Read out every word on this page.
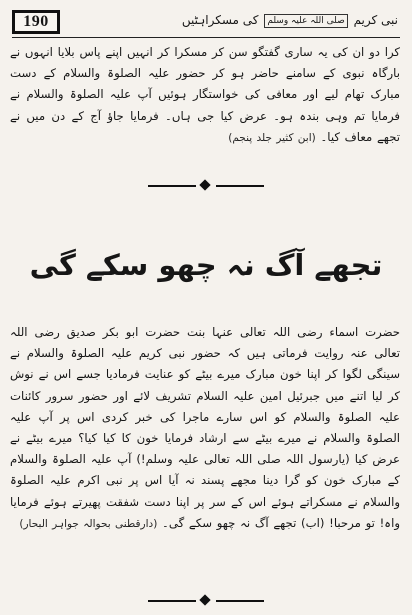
190	نبی کریم صلی اللہ علیہ وسلم کی مسکراہٹیں

کرا دو ان کی یہ ساری گفتگو سن کر مسکرا کر انہیں اپنے پاس بلایا انہوں نے بارگاہ نبوی کے سامنے حاضر ہو کر حضور علیہ الصلوۃ والسلام کے دست مبارک تھام لیے اور معافی کی خواستگار ہوئیں آپ علیہ الصلوۃ والسلام نے فرمایا تم وہی بندہ ہو۔ عرض کیا جی ہاں۔ فرمایا جاؤ آج کے دن میں نے تجھے معاف کیا۔ (ابن کثیر جلد پنجم)

تجھے آگ نہ چھو سکے گی

حضرت اسماء رضی اللہ تعالی عنہا بنت حضرت ابو بکر صدیق رضی اللہ تعالی عنہ روایت فرماتی ہیں کہ حضور نبی کریم علیہ الصلوۃ والسلام نے سینگی لگوا کر اپنا خون مبارک میرے بیٹے کو عنایت فرمادیا جسے اس نے نوش کر لیا اتنے میں جبرئیل امین علیہ السلام تشریف لائے اور حضور سرور کائنات علیہ الصلوۃ والسلام کو اس سارے ماجرا کی خبر کردی اس پر آپ علیہ الصلوۃ والسلام نے میرے بیٹے سے ارشاد فرمایا خون کا کیا کیا؟ میرے بیٹے نے عرض کیا (یارسول اللہ صلی اللہ تعالی علیہ وسلم!) آپ علیہ الصلوۃ والسلام کے مبارک خون کو گرا دینا مجھے پسند نہ آیا اس پر نبی اکرم علیہ الصلوۃ والسلام نے مسکراتے ہوئے اس کے سر پر اپنا دست شفقت پھیرتے ہوئے فرمایا واہ! تو مرحبا! (اب) تجھے آگ نہ چھو سکے گی۔ (دارقطنی بحوالہ جواہر البحار)
